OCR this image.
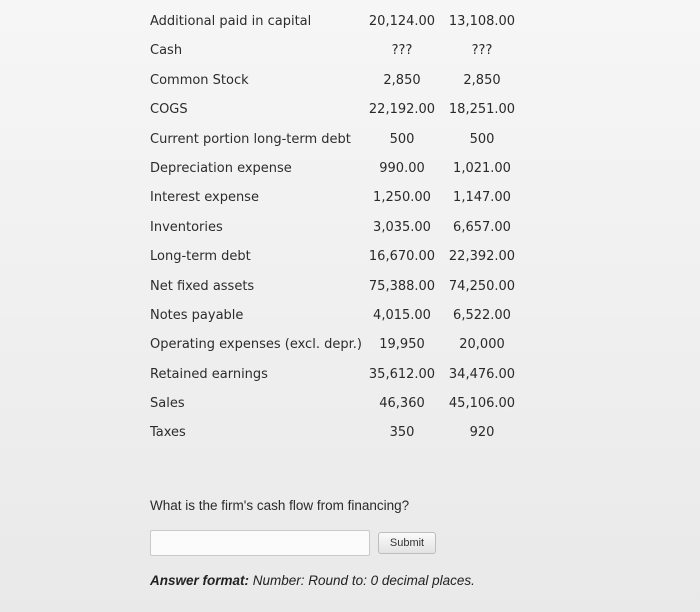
Additional paid in capital	20,124.00	13,108.00
Cash	???	???
Common Stock	2,850	2,850
COGS	22,192.00	18,251.00
Current portion long-term debt	500	500
Depreciation expense	990.00	1,021.00
Interest expense	1,250.00	1,147.00
Inventories	3,035.00	6,657.00
Long-term debt	16,670.00	22,392.00
Net fixed assets	75,388.00	74,250.00
Notes payable	4,015.00	6,522.00
Operating expenses (excl. depr.)	19,950	20,000
Retained earnings	35,612.00	34,476.00
Sales	46,360	45,106.00
Taxes	350	920
What is the firm's cash flow from financing?
Submit
Answer format: Number: Round to: 0 decimal places.
